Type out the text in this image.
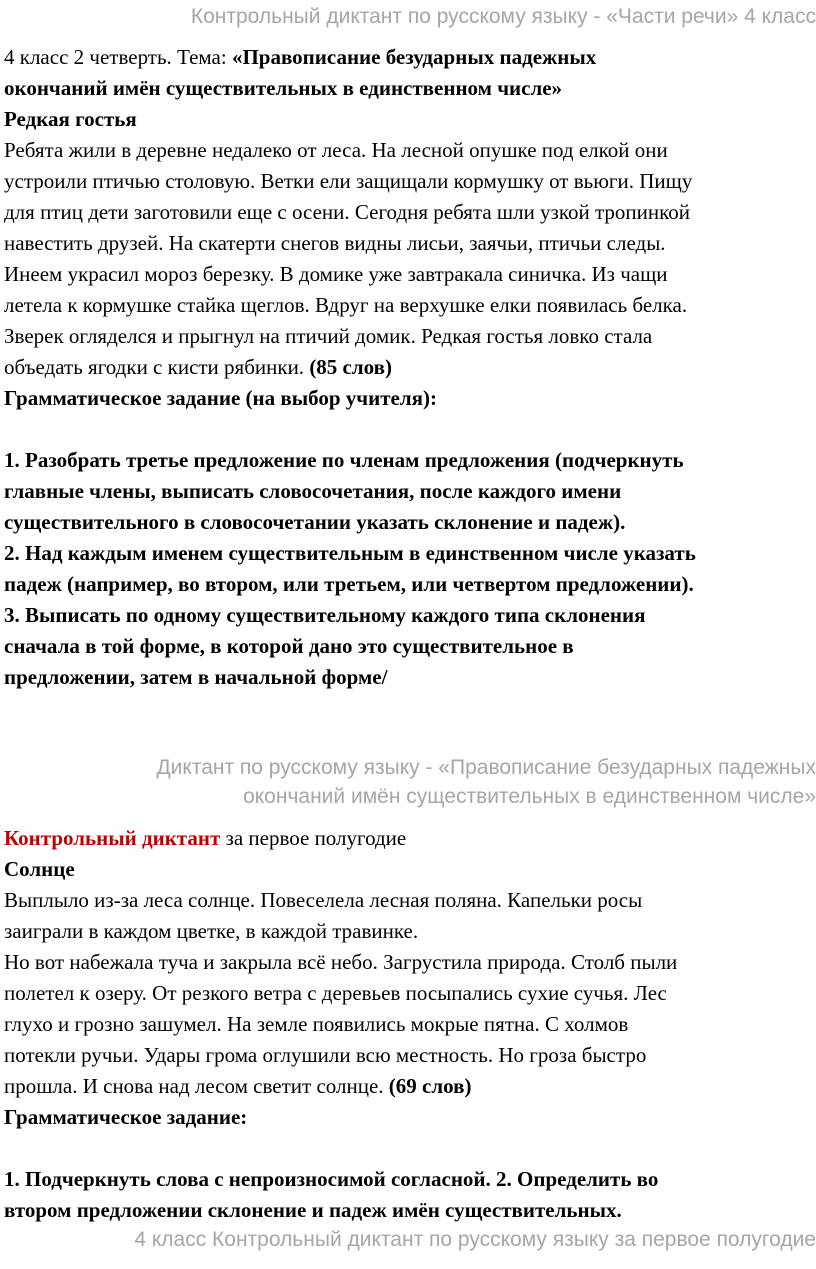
Контрольный диктант по русскому языку - «Части речи» 4 класс
4 класс 2 четверть. Тема: «Правописание безударных падежных
окончаний имён существительных в единственном числе»
Редкая гостья
Ребята жили в деревне недалеко от леса. На лесной опушке под елкой они
устроили птичью столовую. Ветки ели защищали кормушку от вьюги. Пищу
для птиц дети заготовили еще с осени. Сегодня ребята шли узкой тропинкой
навестить друзей. На скатерти снегов видны лисьи, заячьи, птичьи следы.
Инеем украсил мороз березку. В домике уже завтракала синичка. Из чащи
летела к кормушке стайка щеглов. Вдруг на верхушке елки появилась белка.
Зверек огляделся и прыгнул на птичий домик. Редкая гостья ловко стала
объедать ягодки с кисти рябинки. (85 слов)
Грамматическое задание (на выбор учителя):
1. Разобрать третье предложение по членам предложения (подчеркнуть
главные члены, выписать словосочетания, после каждого имени
существительного в словосочетании указать склонение и падеж).
2. Над каждым именем существительным в единственном числе указать
падеж (например, во втором, или третьем, или четвертом предложении).
3. Выписать по одному существительному каждого типа склонения
сначала в той форме, в которой дано это существительное в
предложении, затем в начальной форме/
Диктант по русскому языку - «Правописание безударных падежных
окончаний имён существительных в единственном числе»
Контрольный диктант за первое полугодие
Солнце
Выплыло из-за леса солнце. Повеселела лесная поляна. Капельки росы
заиграли в каждом цветке, в каждой травинке.
Но вот набежала туча и закрыла всё небо. Загрустила природа. Столб пыли
полетел к озеру. От резкого ветра с деревьев посыпались сухие сучья. Лес
глухо и грозно зашумел. На земле появились мокрые пятна. С холмов
потекли ручьи. Удары грома оглушили всю местность. Но гроза быстро
прошла. И снова над лесом светит солнце. (69 слов)
Грамматическое задание:
1. Подчеркнуть слова с непроизносимой согласной. 2. Определить во
втором предложении склонение и падеж имён существительных.
4 класс Контрольный диктант по русскому языку за первое полугодие
